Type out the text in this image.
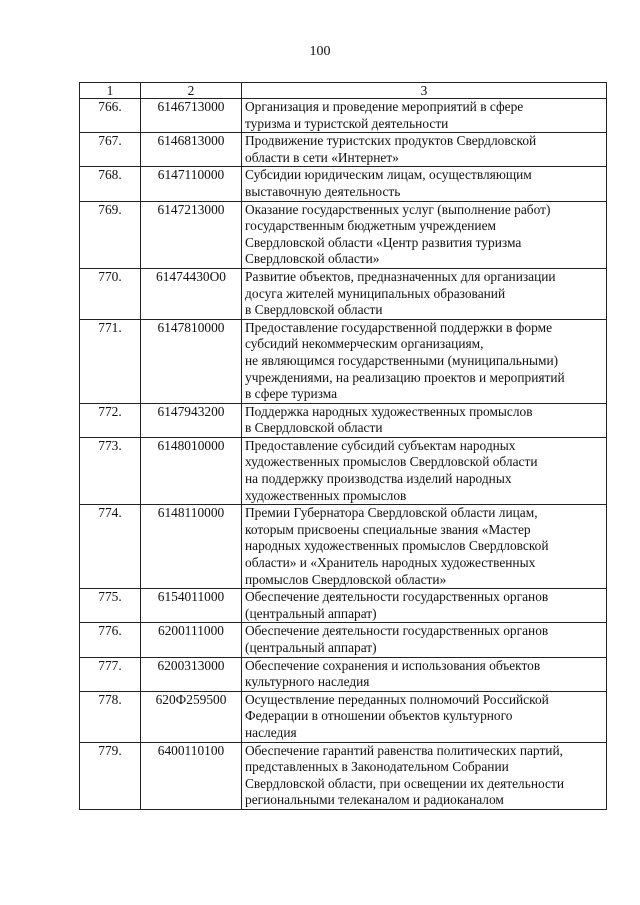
100
1	2	3
766.	6146713000	Организация и проведение мероприятий в сфере
туризма и туристской деятельности
767.	6146813000	Продвижение туристских продуктов Свердловской
области в сети «Интернет»
768.	6147110000	Субсидии юридическим лицам, осуществляющим
выставочную деятельность
769.	6147213000	Оказание государственных услуг (выполнение работ)
государственным бюджетным учреждением
Свердловской области «Центр развития туризма
Свердловской области»
770.	61474430О0	Развитие объектов, предназначенных для организации
досуга жителей муниципальных образований
в Свердловской области
771.	6147810000	Предоставление государственной поддержки в форме
субсидий некоммерческим организациям,
не являющимся государственными (муниципальными)
учреждениями, на реализацию проектов и мероприятий
в сфере туризма
772.	6147943200	Поддержка народных художественных промыслов
в Свердловской области
773.	6148010000	Предоставление субсидий субъектам народных
художественных промыслов Свердловской области
на поддержку производства изделий народных
художественных промыслов
774.	6148110000	Премии Губернатора Свердловской области лицам,
которым присвоены специальные звания «Мастер
народных художественных промыслов Свердловской
области» и «Хранитель народных художественных
промыслов Свердловской области»
775.	6154011000	Обеспечение деятельности государственных органов
(центральный аппарат)
776.	6200111000	Обеспечение деятельности государственных органов
(центральный аппарат)
777.	6200313000	Обеспечение сохранения и использования объектов
культурного наследия
778.	620Ф259500	Осуществление переданных полномочий Российской
Федерации в отношении объектов культурного
наследия
779.	6400110100	Обеспечение гарантий равенства политических партий,
представленных в Законодательном Собрании
Свердловской области, при освещении их деятельности
региональными телеканалом и радиоканалом
